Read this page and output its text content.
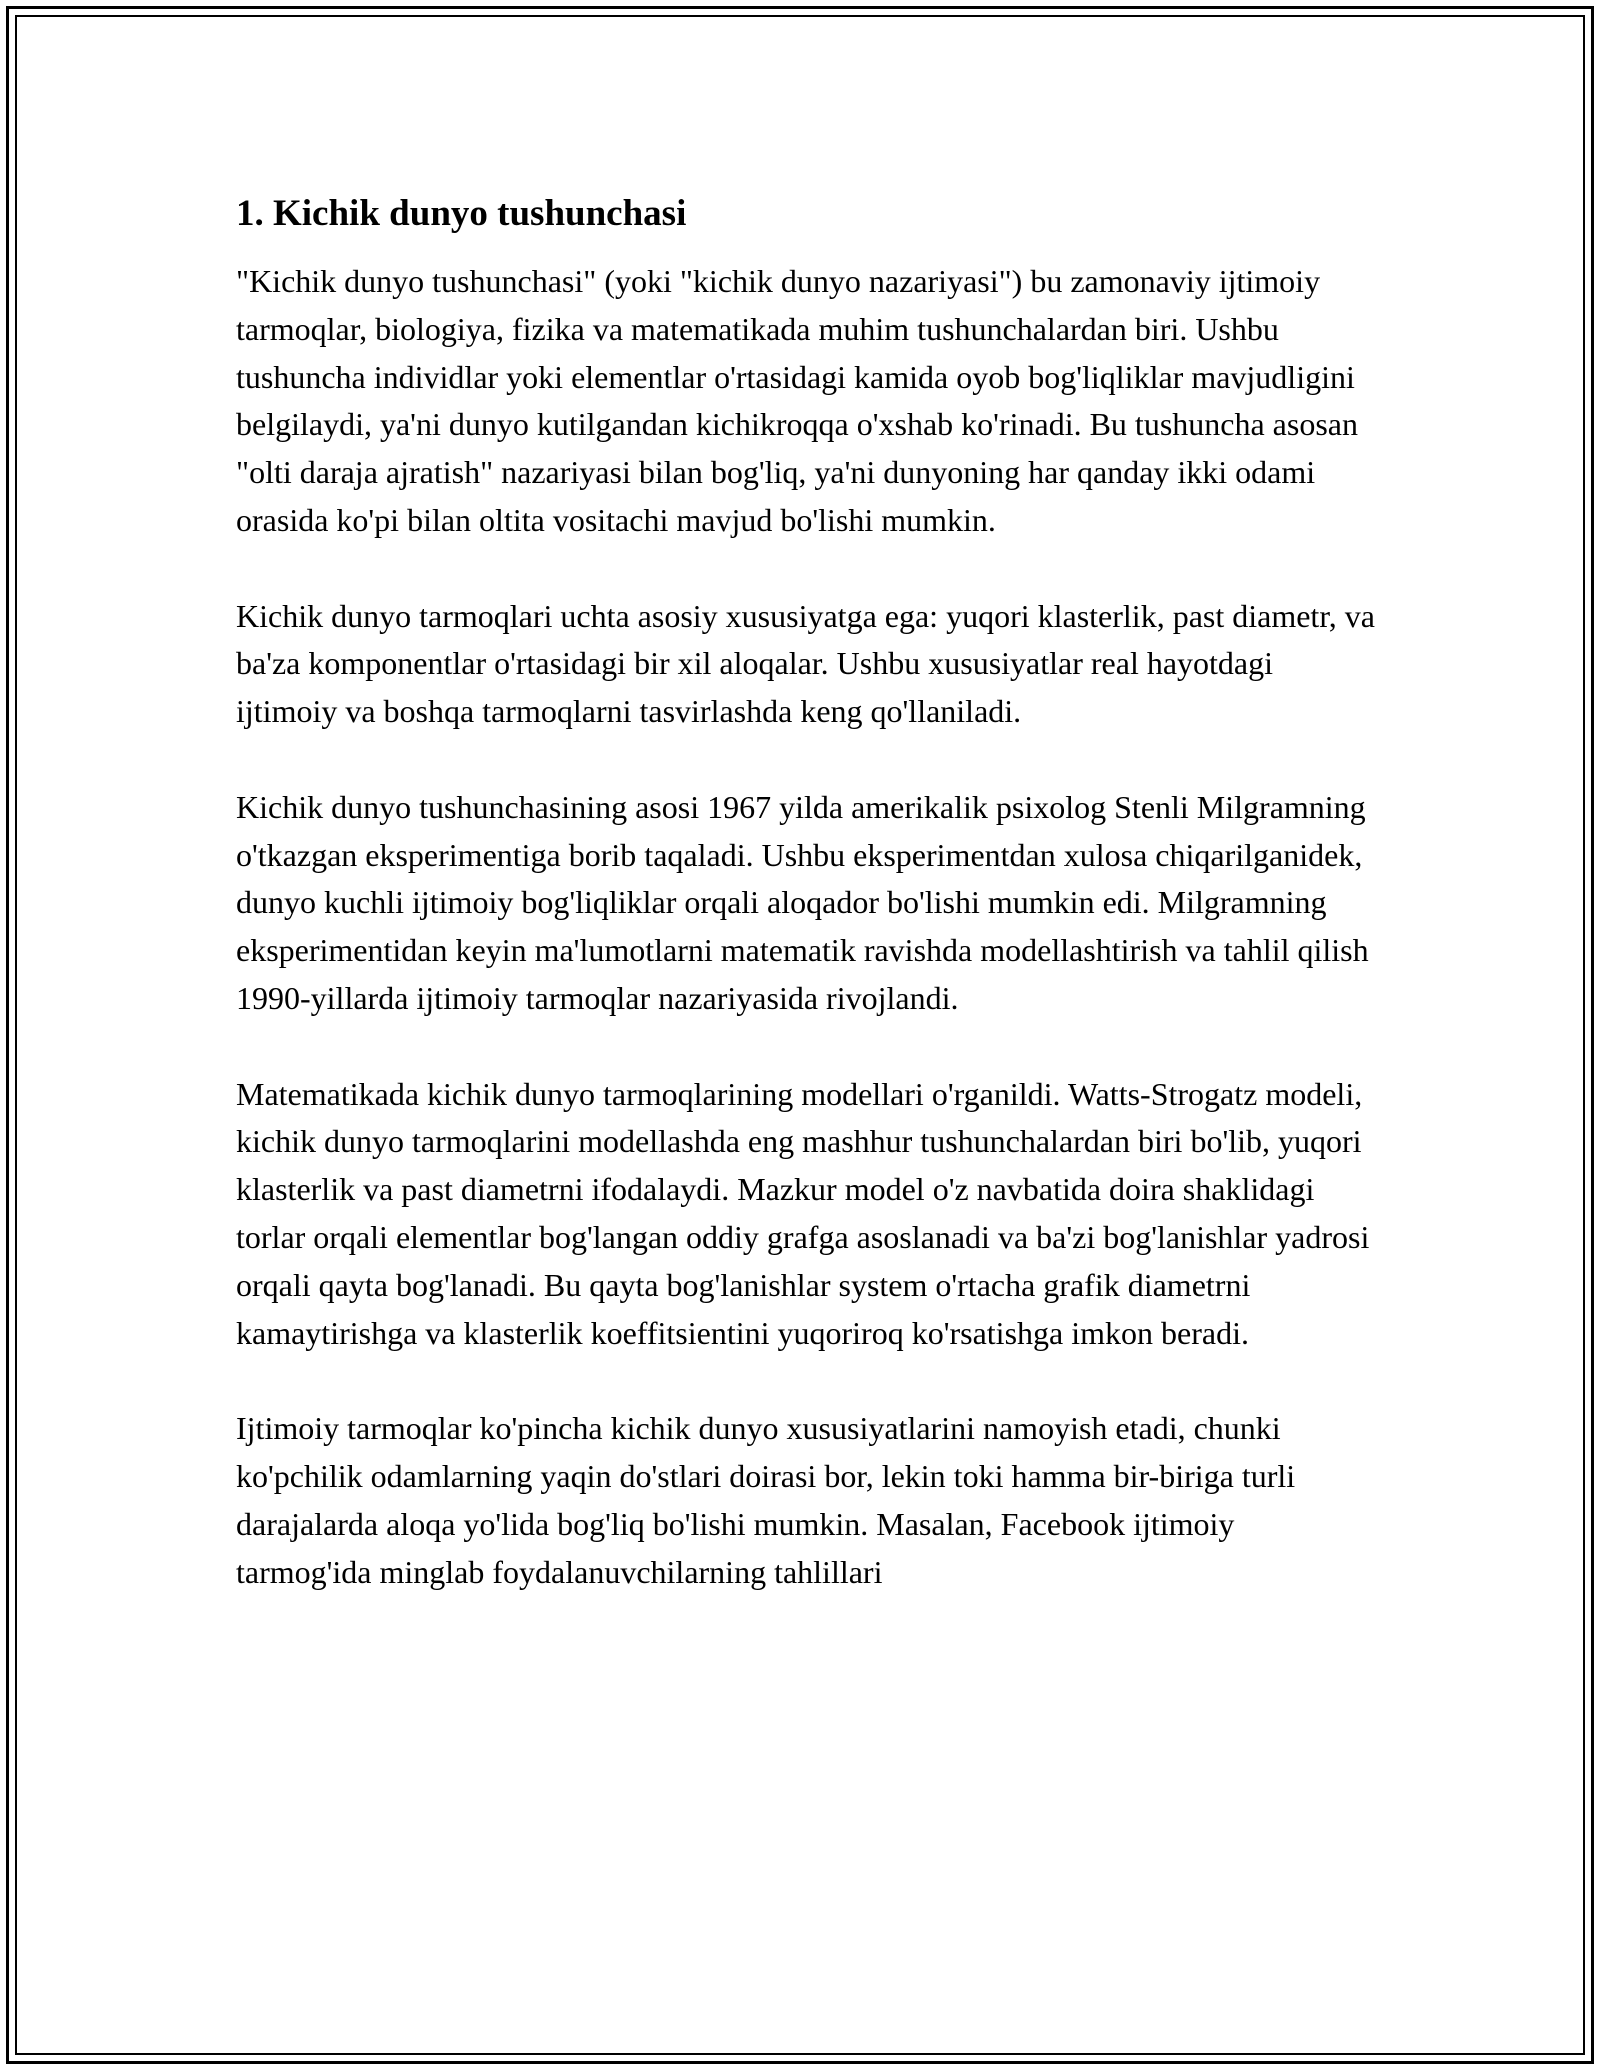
1. Kichik dunyo tushunchasi

"Kichik dunyo tushunchasi" (yoki "kichik dunyo nazariyasi") bu zamonaviy ijtimoiy tarmoqlar, biologiya, fizika va matematikada muhim tushunchalardan biri. Ushbu tushuncha individlar yoki elementlar o'rtasidagi kamida oyob bog'liqliklar mavjudligini belgilaydi, ya'ni dunyo kutilgandan kichikroqqa o'xshab ko'rinadi. Bu tushuncha asosan "olti daraja ajratish" nazariyasi bilan bog'liq, ya'ni dunyoning har qanday ikki odami orasida ko'pi bilan oltita vositachi mavjud bo'lishi mumkin.

Kichik dunyo tarmoqlari uchta asosiy xususiyatga ega: yuqori klasterlik, past diametr, va ba'za komponentlar o'rtasidagi bir xil aloqalar. Ushbu xususiyatlar real hayotdagi ijtimoiy va boshqa tarmoqlarni tasvirlashda keng qo'llaniladi.

Kichik dunyo tushunchasining asosi 1967 yilda amerikalik psixolog Stenli Milgramning o'tkazgan eksperimentiga borib taqaladi. Ushbu eksperimentdan xulosa chiqarilganidek, dunyo kuchli ijtimoiy bog'liqliklar orqali aloqador bo'lishi mumkin edi. Milgramning eksperimentidan keyin ma'lumotlarni matematik ravishda modellashtirish va tahlil qilish 1990-yillarda ijtimoiy tarmoqlar nazariyasida rivojlandi.

Matematikada kichik dunyo tarmoqlarining modellari o'rganildi. Watts-Strogatz modeli, kichik dunyo tarmoqlarini modellashda eng mashhur tushunchalardan biri bo'lib, yuqori klasterlik va past diametrni ifodalaydi. Mazkur model o'z navbatida doira shaklidagi torlar orqali elementlar bog'langan oddiy grafga asoslanadi va ba'zi bog'lanishlar yadrosi orqali qayta bog'lanadi. Bu qayta bog'lanishlar system o'rtacha grafik diametrni kamaytirishga va klasterlik koeffitsientini yuqoriroq ko'rsatishga imkon beradi.

Ijtimoiy tarmoqlar ko'pincha kichik dunyo xususiyatlarini namoyish etadi, chunki ko'pchilik odamlarning yaqin do'stlari doirasi bor, lekin toki hamma bir-biriga turli darajalarda aloqa yo'lida bog'liq bo'lishi mumkin. Masalan, Facebook ijtimoiy tarmog'ida minglab foydalanuvchilarning tahlillari
